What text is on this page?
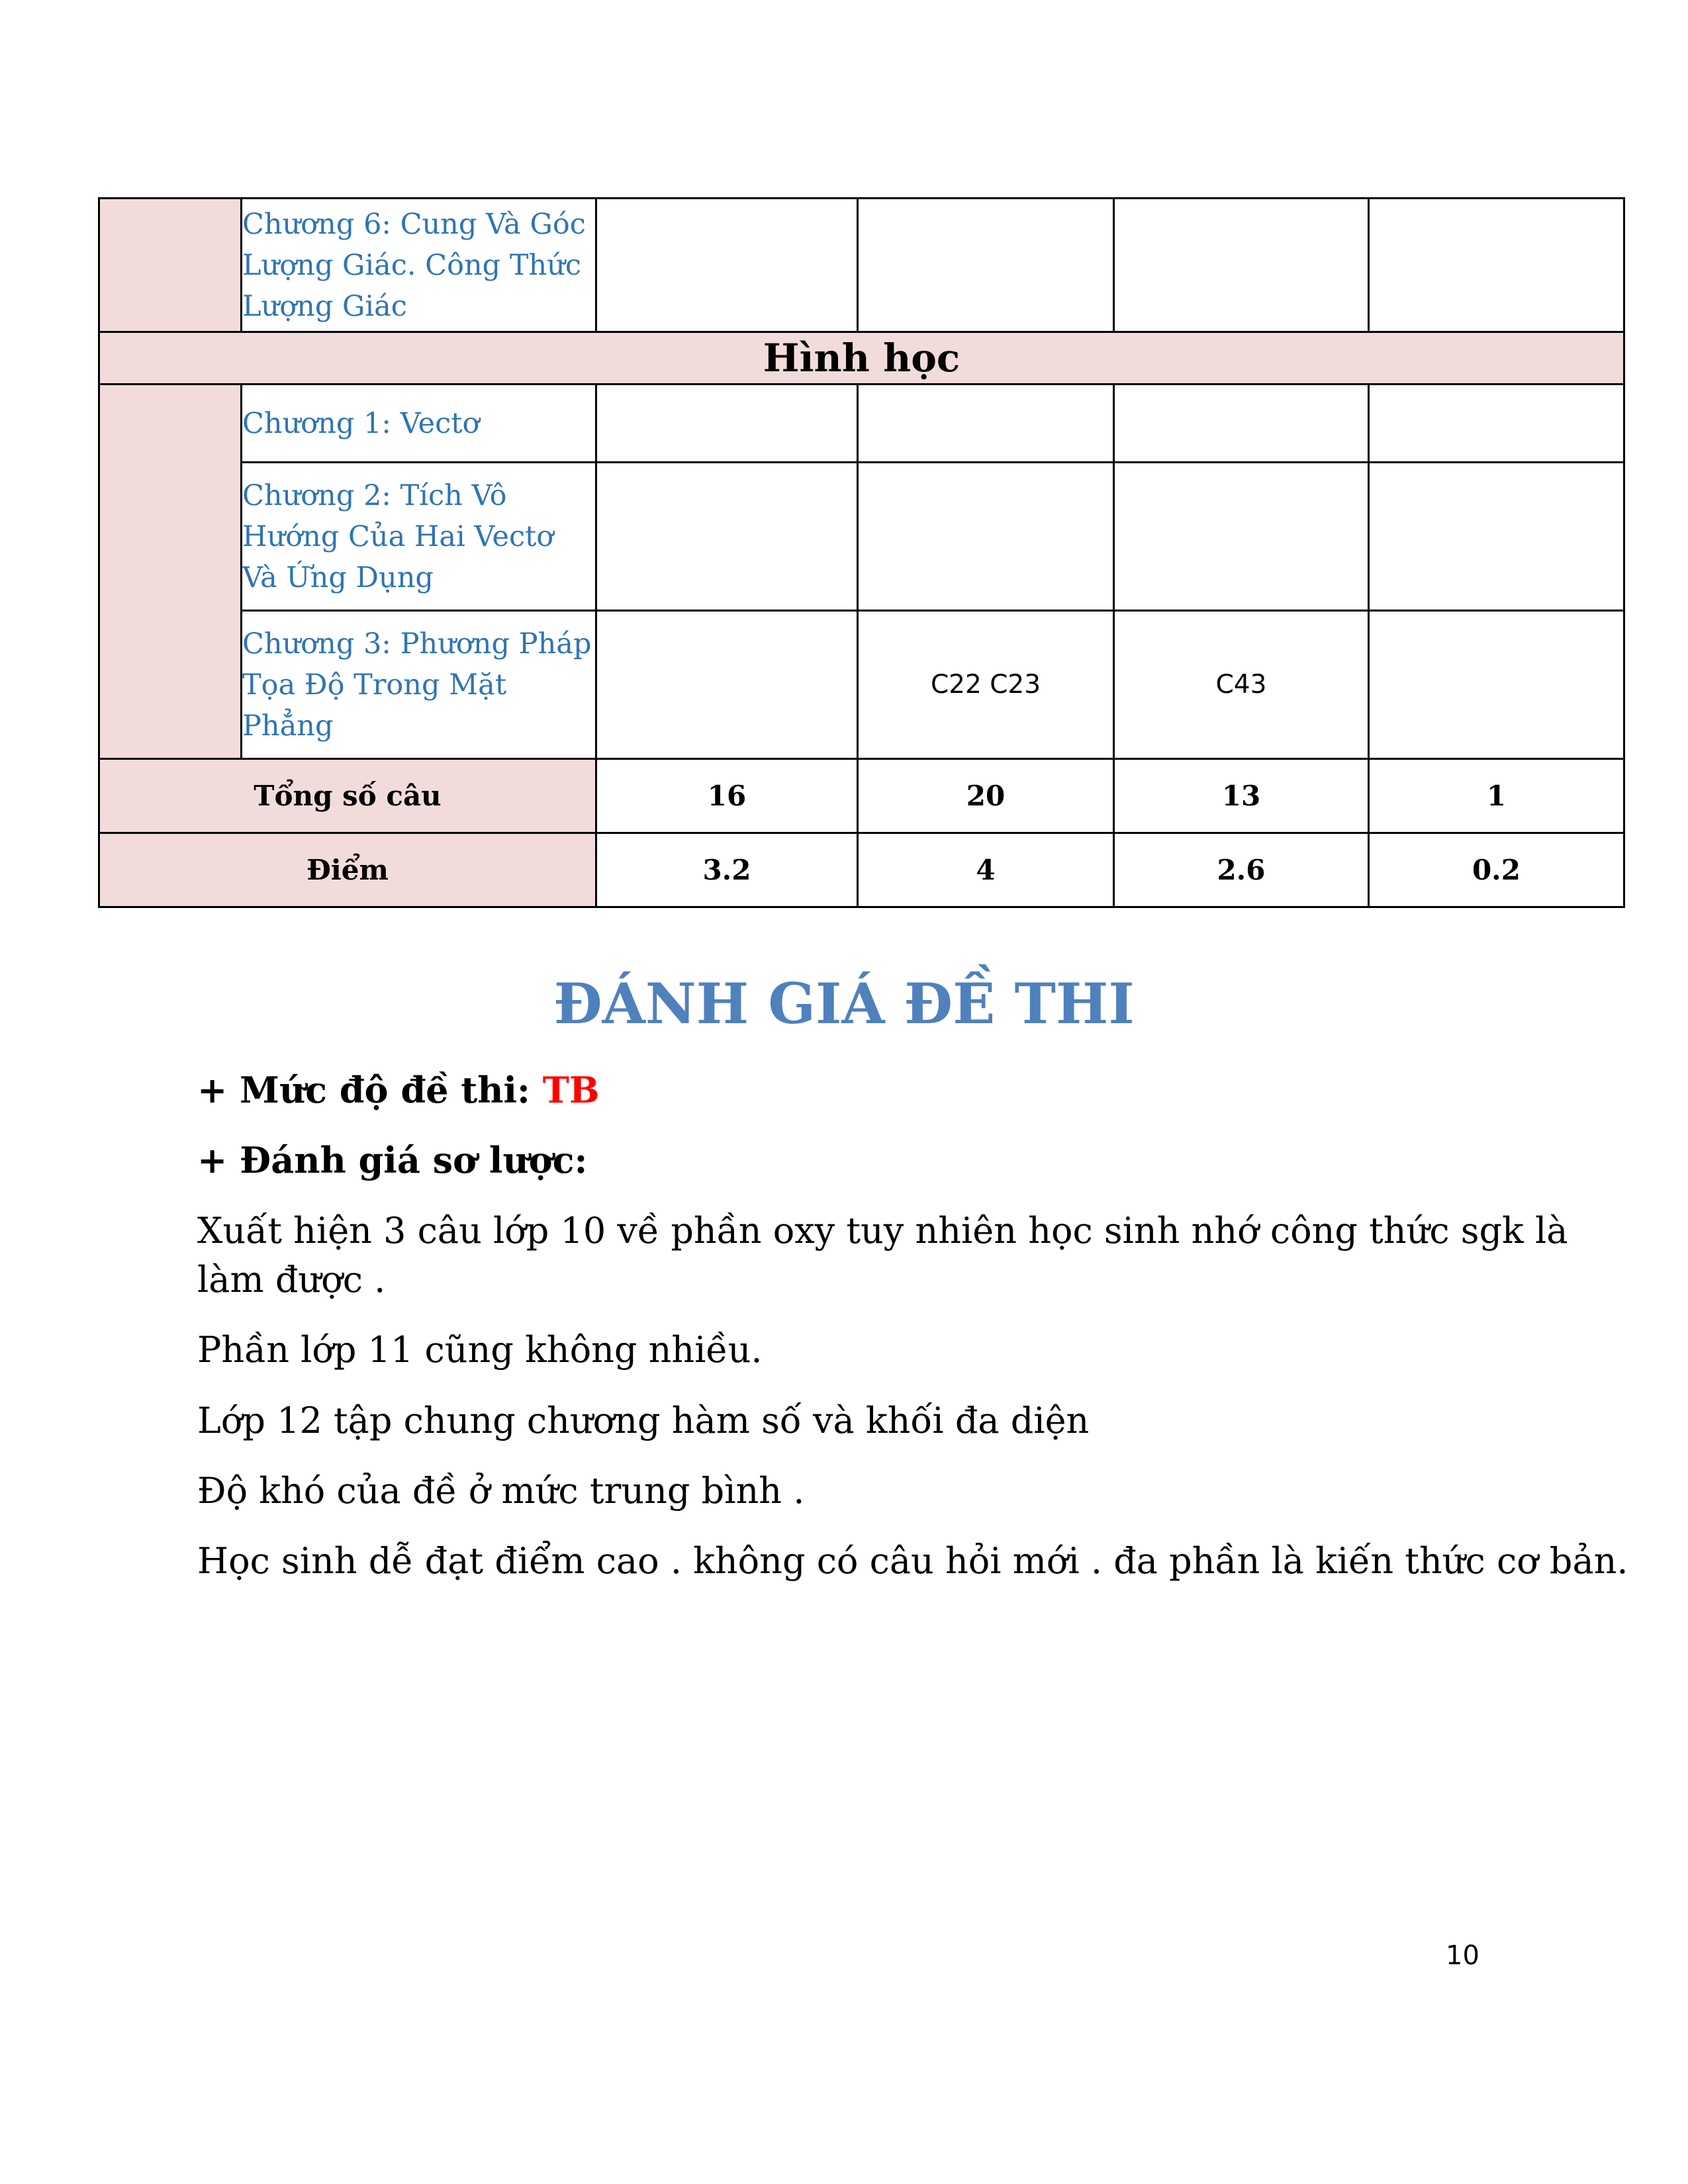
	Chương 6: Cung Và Góc Lượng Giác. Công Thức Lượng Giác				
Hình học					
	Chương 1: Vectơ				
	Chương 2: Tích Vô Hướng Của Hai Vectơ Và Ứng Dụng				
	Chương 3: Phương Pháp Tọa Độ Trong Mặt Phẳng		C22 C23	C43	
Tổng số câu		16	20	13	1
Điểm		3.2	4	2.6	0.2
ĐÁNH GIÁ ĐỀ THI

+ Mức độ đề thi: TB

+ Đánh giá sơ lược:

Xuất hiện 3 câu lớp 10 về phần oxy tuy nhiên học sinh nhớ công thức sgk là

làm được .

Phần lớp 11 cũng không nhiều.

Lớp 12 tập chung chương hàm số và khối đa diện

Độ khó của đề ở mức trung bình .

Học sinh dễ đạt điểm cao . không có câu hỏi mới . đa phần là kiến thức cơ bản.

10
